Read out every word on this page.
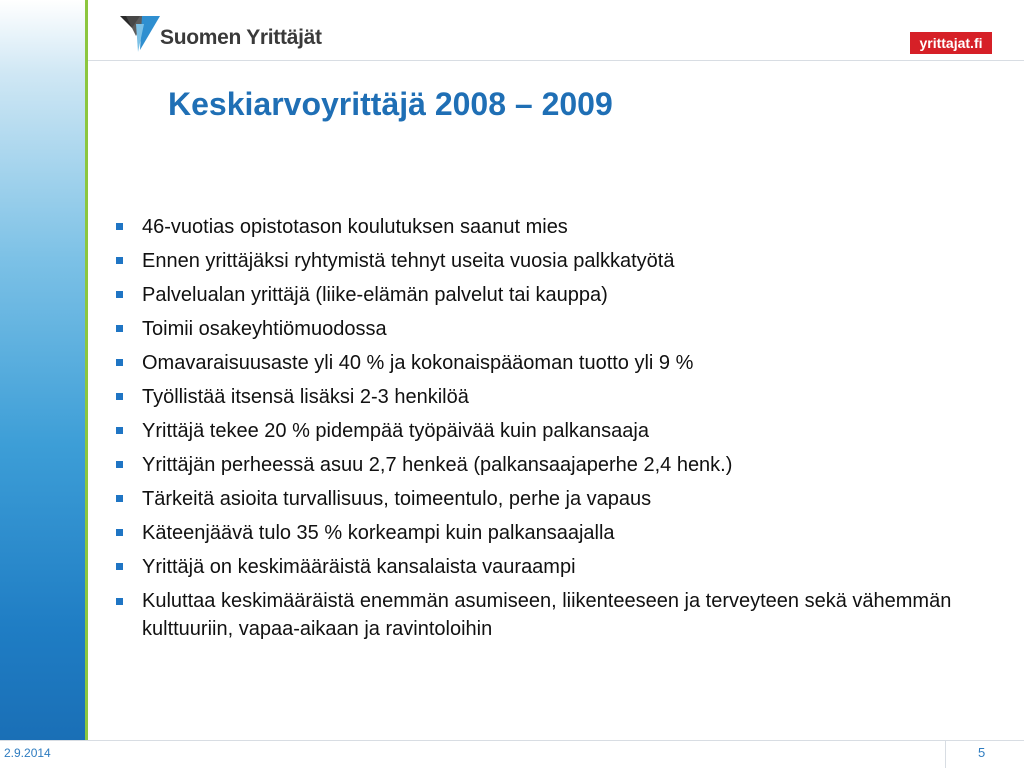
Suomen Yrittäjät	yrittajat.fi
Keskiarvoyrittäjä 2008 – 2009
46-vuotias opistotason koulutuksen saanut mies
Ennen yrittäjäksi ryhtymistä tehnyt useita vuosia palkkatyötä
Palvelualan yrittäjä (liike-elämän palvelut tai kauppa)
Toimii osakeyhtiömuodossa
Omavaraisuusaste yli 40 % ja kokonaispääoman tuotto yli 9 %
Työllistää itsensä lisäksi 2-3 henkilöä
Yrittäjä tekee 20 % pidempää työpäivää kuin palkansaaja
Yrittäjän perheessä asuu 2,7 henkeä (palkansaajaperhe 2,4 henk.)
Tärkeitä asioita turvallisuus, toimeentulo, perhe ja vapaus
Käteenjäävä tulo 35 % korkeampi kuin palkansaajalla
Yrittäjä on keskimääräistä kansalaista vauraampi
Kuluttaa keskimääräistä enemmän asumiseen, liikenteeseen ja terveyteen sekä vähemmän kulttuuriin, vapaa-aikaan ja ravintoloihin
2.9.2014	5
